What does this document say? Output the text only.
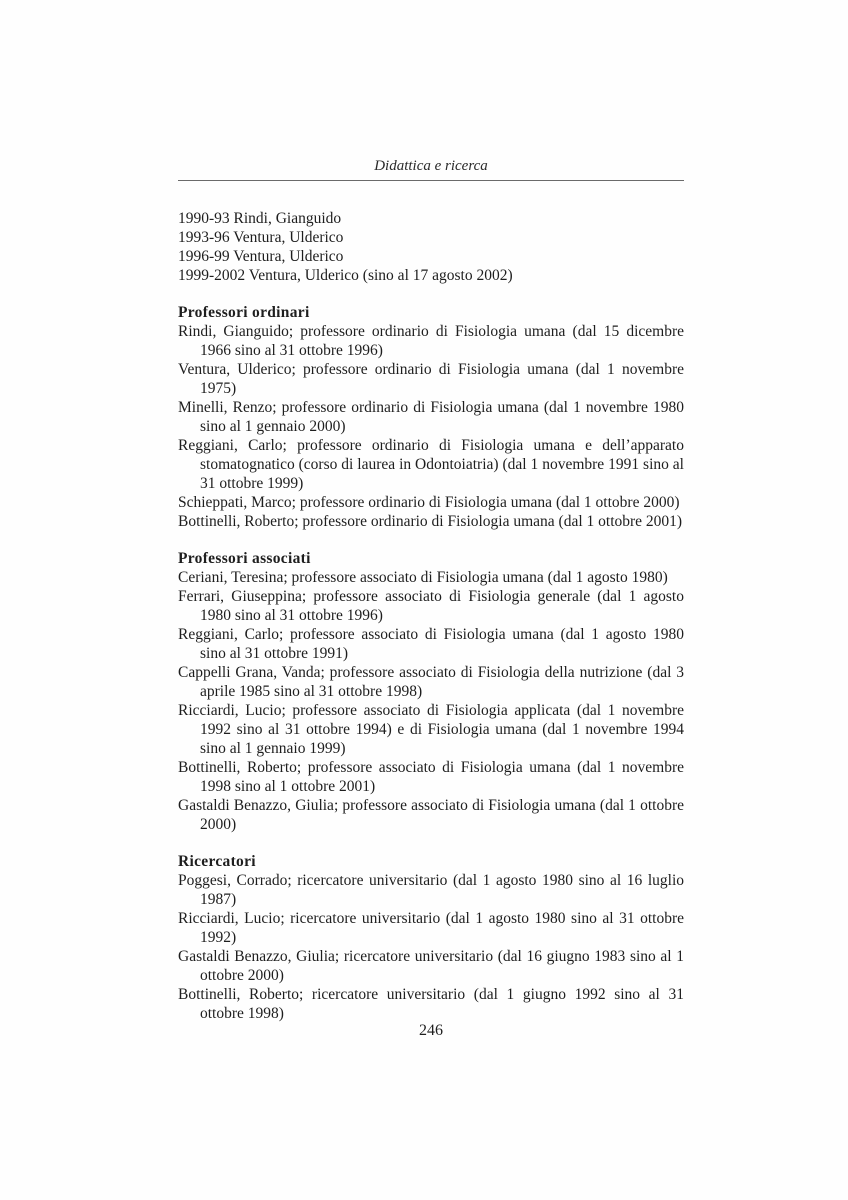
Didattica e ricerca
1990-93 Rindi, Gianguido
1993-96 Ventura, Ulderico
1996-99 Ventura, Ulderico
1999-2002 Ventura, Ulderico (sino al 17 agosto 2002)
Professori ordinari

Rindi, Gianguido; professore ordinario di Fisiologia umana (dal 15 dicembre 1966 sino al 31 ottobre 1996)

Ventura, Ulderico; professore ordinario di Fisiologia umana (dal 1 novembre 1975)

Minelli, Renzo; professore ordinario di Fisiologia umana (dal 1 novembre 1980 sino al 1 gennaio 2000)

Reggiani, Carlo; professore ordinario di Fisiologia umana e dell’apparato stomatognatico (corso di laurea in Odontoiatria) (dal 1 novembre 1991 sino al 31 ottobre 1999)

Schieppati, Marco; professore ordinario di Fisiologia umana (dal 1 ottobre 2000)

Bottinelli, Roberto; professore ordinario di Fisiologia umana (dal 1 ottobre 2001)

Professori associati

Ceriani, Teresina; professore associato di Fisiologia umana (dal 1 agosto 1980)

Ferrari, Giuseppina; professore associato di Fisiologia generale (dal 1 agosto 1980 sino al 31 ottobre 1996)

Reggiani, Carlo; professore associato di Fisiologia umana (dal 1 agosto 1980 sino al 31 ottobre 1991)

Cappelli Grana, Vanda; professore associato di Fisiologia della nutrizione (dal 3 aprile 1985 sino al 31 ottobre 1998)

Ricciardi, Lucio; professore associato di Fisiologia applicata (dal 1 novembre 1992 sino al 31 ottobre 1994) e di Fisiologia umana (dal 1 novembre 1994 sino al 1 gennaio 1999)

Bottinelli, Roberto; professore associato di Fisiologia umana (dal 1 novembre 1998 sino al 1 ottobre 2001)

Gastaldi Benazzo, Giulia; professore associato di Fisiologia umana (dal 1 ottobre 2000)

Ricercatori

Poggesi, Corrado; ricercatore universitario (dal 1 agosto 1980 sino al 16 luglio 1987)

Ricciardi, Lucio; ricercatore universitario (dal 1 agosto 1980 sino al 31 ottobre 1992)

Gastaldi Benazzo, Giulia; ricercatore universitario (dal 16 giugno 1983 sino al 1 ottobre 2000)

Bottinelli, Roberto; ricercatore universitario (dal 1 giugno 1992 sino al 31 ottobre 1998)

246
